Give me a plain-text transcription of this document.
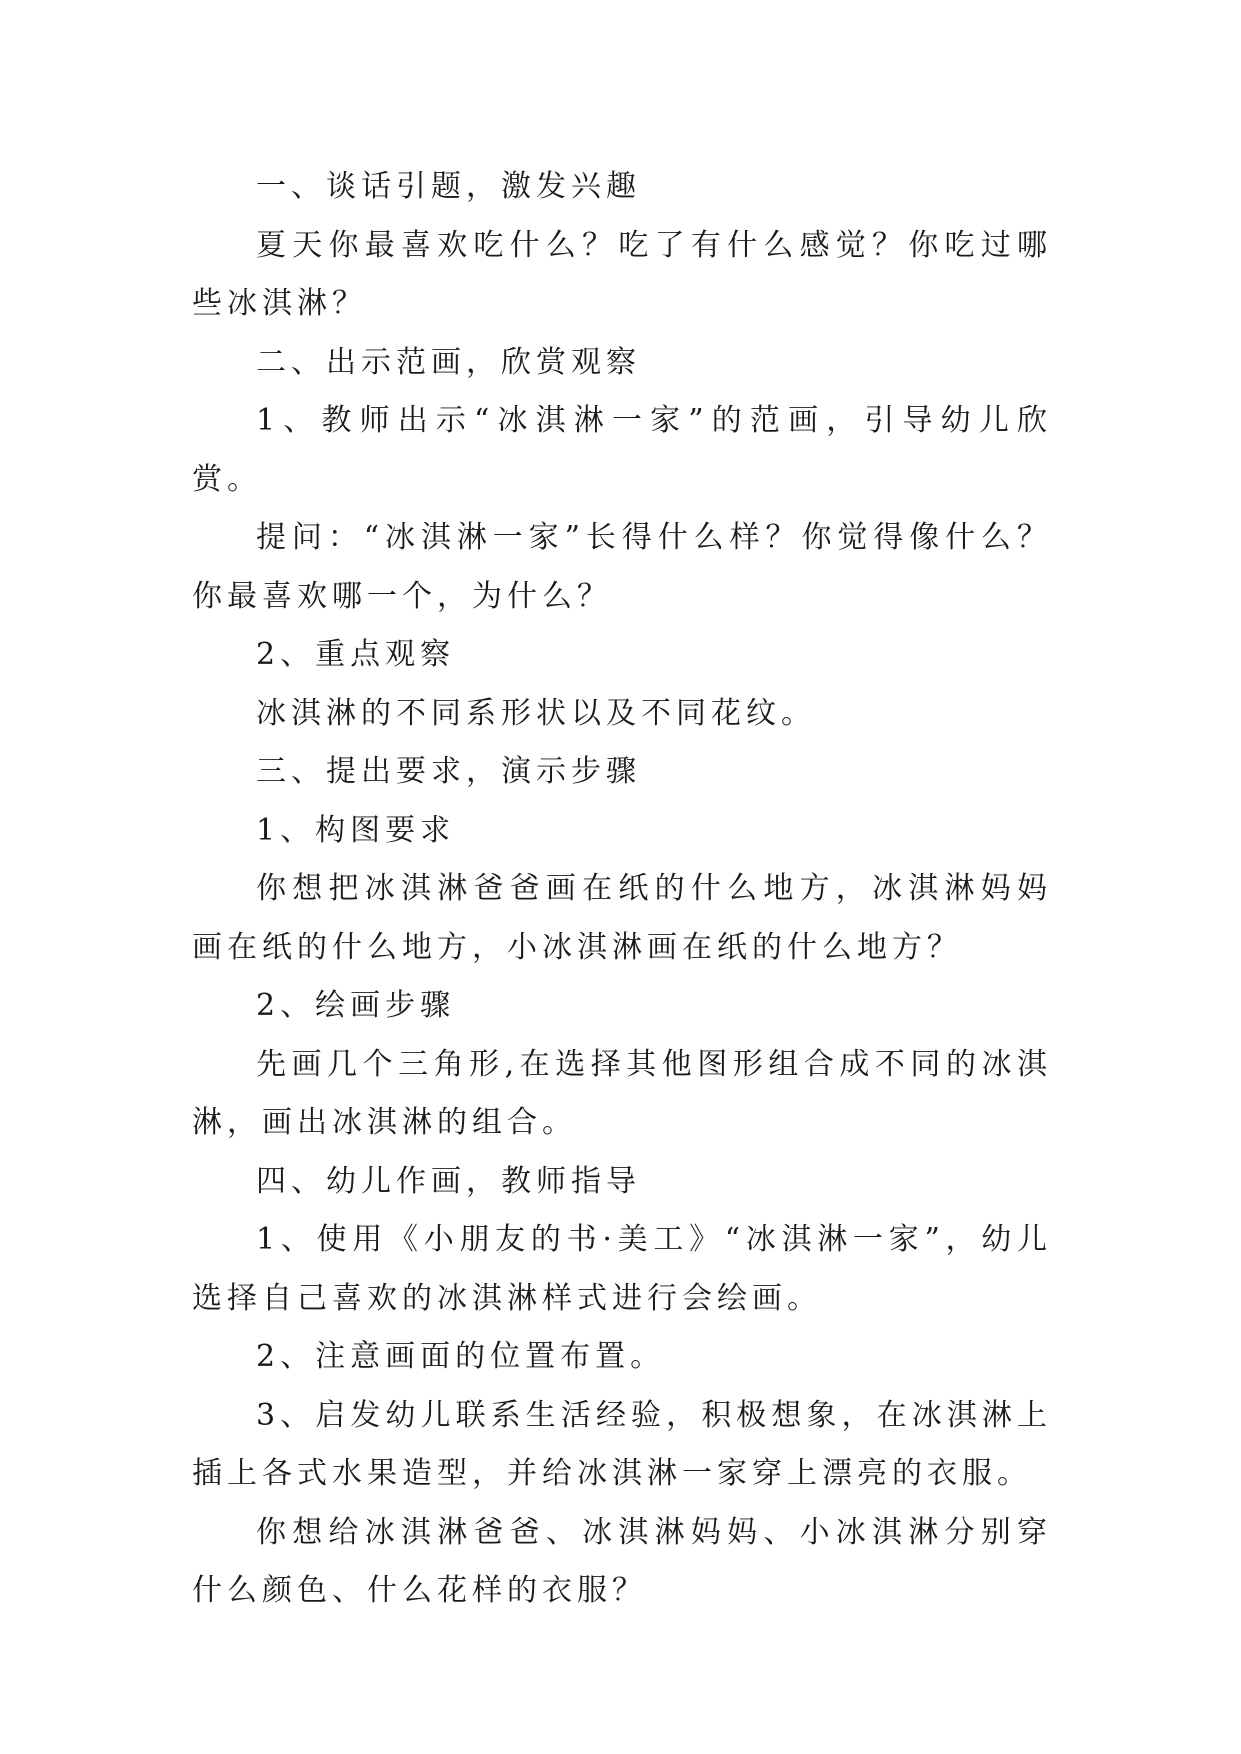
一、谈话引题，激发兴趣

夏天你最喜欢吃什么？吃了有什么感觉？你吃过哪些冰淇淋？

二、出示范画，欣赏观察

1、教师出示“冰淇淋一家”的范画，引导幼儿欣赏。

提问：“冰淇淋一家”长得什么样？你觉得像什么？你最喜欢哪一个，为什么？

2、重点观察

冰淇淋的不同系形状以及不同花纹。

三、提出要求，演示步骤

1、构图要求

你想把冰淇淋爸爸画在纸的什么地方，冰淇淋妈妈画在纸的什么地方，小冰淇淋画在纸的什么地方？

2、绘画步骤

先画几个三角形,在选择其他图形组合成不同的冰淇淋，画出冰淇淋的组合。

四、幼儿作画，教师指导

1、使用《小朋友的书·美工》“冰淇淋一家”，幼儿选择自己喜欢的冰淇淋样式进行会绘画。

2、注意画面的位置布置。

3、启发幼儿联系生活经验，积极想象，在冰淇淋上插上各式水果造型，并给冰淇淋一家穿上漂亮的衣服。

你想给冰淇淋爸爸、冰淇淋妈妈、小冰淇淋分别穿什么颜色、什么花样的衣服？
